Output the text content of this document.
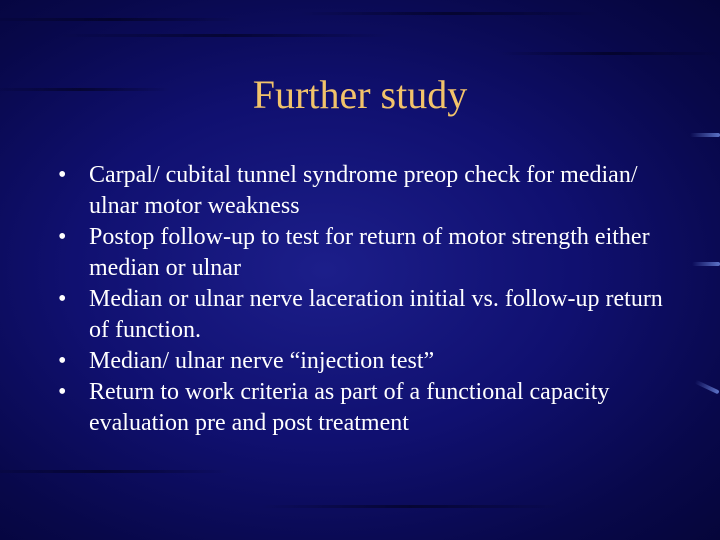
Further study
• Carpal/ cubital tunnel syndrome preop check for median/ ulnar motor weakness
• Postop follow-up to test for return of motor strength either median or ulnar
• Median or ulnar nerve laceration initial vs. follow-up return of function.
• Median/ ulnar nerve “injection test”
• Return to work criteria as part of a functional capacity evaluation pre and post treatment
